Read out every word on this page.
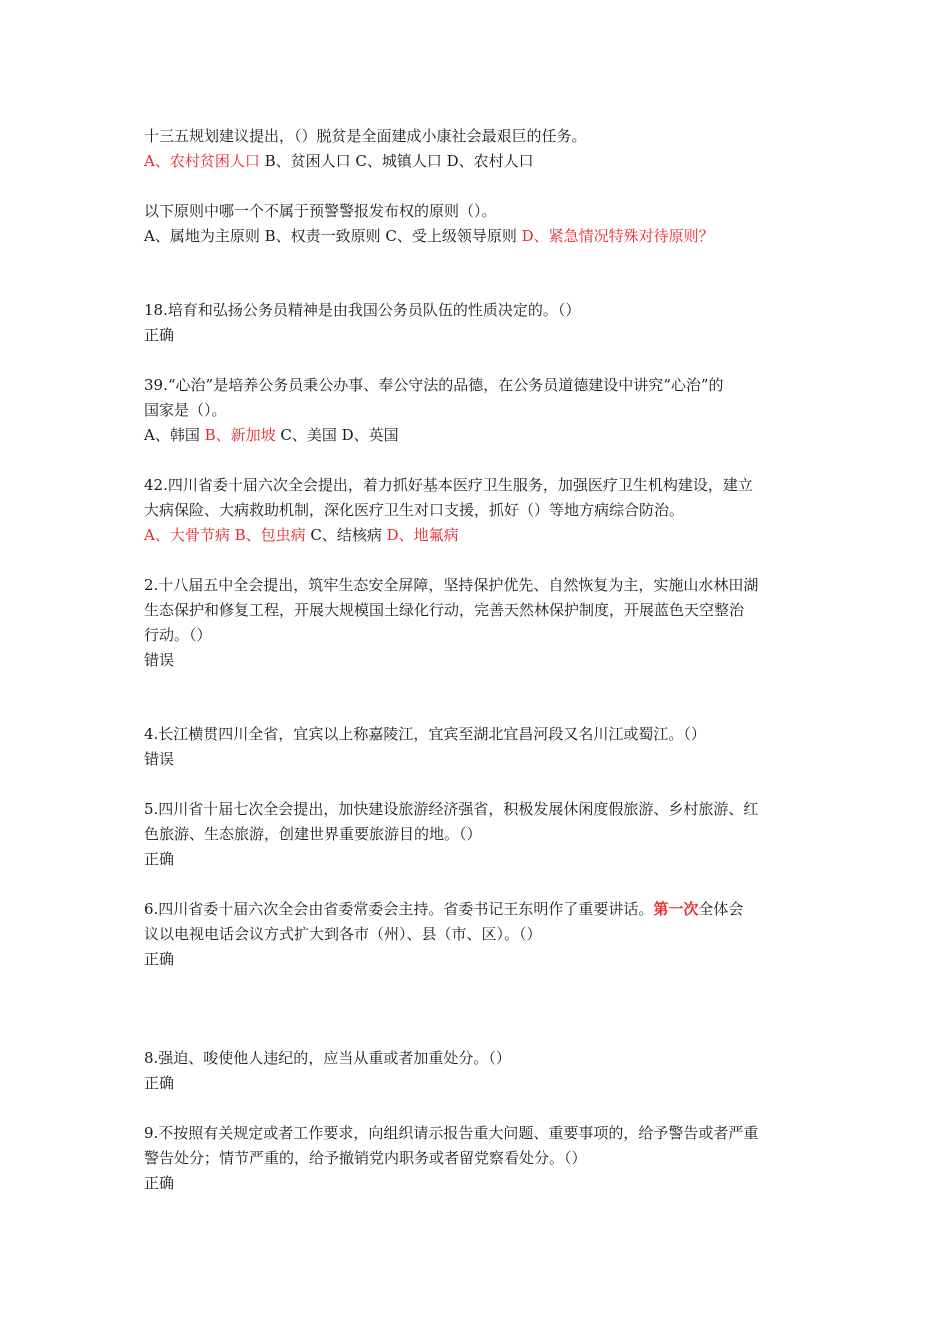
十三五规划建议提出，（）脱贫是全面建成小康社会最艰巨的任务。
A、农村贫困人口 B、贫困人口 C、城镇人口 D、农村人口
以下原则中哪一个不属于预警警报发布权的原则（）。
A、属地为主原则 B、权责一致原则 C、受上级领导原则 D、紧急情况特殊对待原则？
18.培育和弘扬公务员精神是由我国公务员队伍的性质决定的。（）
正确
39.“心治”是培养公务员秉公办事、奉公守法的品德，在公务员道德建设中讲究“心治”的
国家是（）。
A、韩国 B、新加坡 C、美国 D、英国
42.四川省委十届六次全会提出，着力抓好基本医疗卫生服务，加强医疗卫生机构建设，建立
大病保险、大病救助机制，深化医疗卫生对口支援，抓好（）等地方病综合防治。
A、大骨节病 B、包虫病 C、结核病 D、地氟病
2.十八届五中全会提出，筑牢生态安全屏障，坚持保护优先、自然恢复为主，实施山水林田湖
生态保护和修复工程，开展大规模国土绿化行动，完善天然林保护制度，开展蓝色天空整治
行动。（）
错误
4.长江横贯四川全省，宜宾以上称嘉陵江，宜宾至湖北宜昌河段又名川江或蜀江。（）
错误
5.四川省十届七次全会提出，加快建设旅游经济强省，积极发展休闲度假旅游、乡村旅游、红
色旅游、生态旅游，创建世界重要旅游目的地。（）
正确
6.四川省委十届六次全会由省委常委会主持。省委书记王东明作了重要讲话。第一次全体会
议以电视电话会议方式扩大到各市（州）、县（市、区）。（）
正确
8.强迫、唆使他人违纪的，应当从重或者加重处分。（）
正确
9.不按照有关规定或者工作要求，向组织请示报告重大问题、重要事项的，给予警告或者严重
警告处分；情节严重的，给予撤销党内职务或者留党察看处分。（）
正确
